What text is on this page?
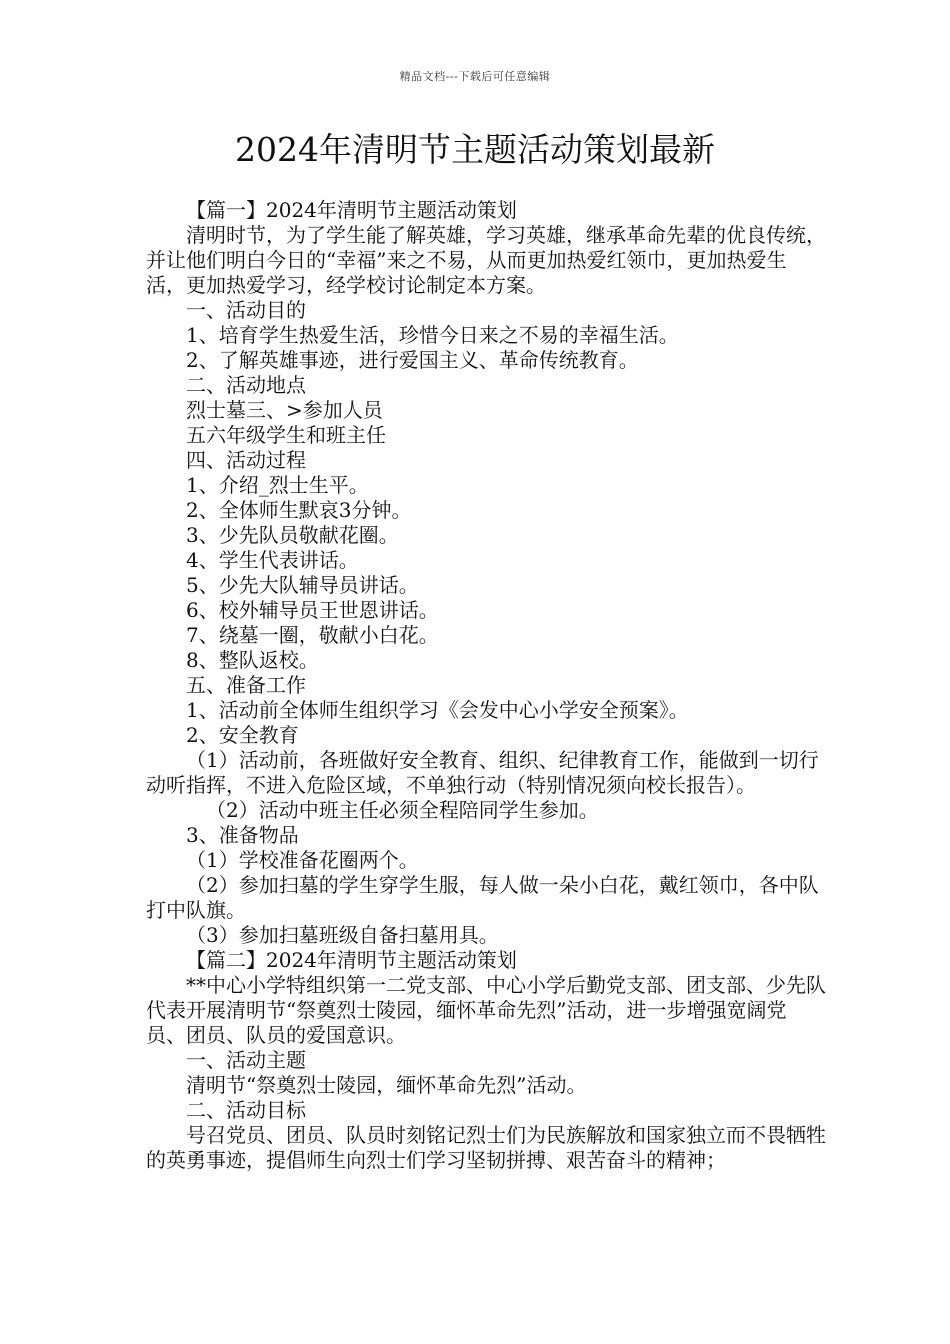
精品文档---下载后可任意编辑
2024年清明节主题活动策划最新

【篇一】2024年清明节主题活动策划

清明时节，为了学生能了解英雄，学习英雄，继承革命先辈的优良传统，并让他们明白今日的“幸福”来之不易，从而更加热爱红领巾，更加热爱生活，更加热爱学习，经学校讨论制定本方案。

一、活动目的

1、培育学生热爱生活，珍惜今日来之不易的幸福生活。

2、了解英雄事迹，进行爱国主义、革命传统教育。

二、活动地点

烈士墓三、>参加人员

五六年级学生和班主任

四、活动过程

1、介绍_烈士生平。

2、全体师生默哀3分钟。

3、少先队员敬献花圈。

4、学生代表讲话。

5、少先大队辅导员讲话。

6、校外辅导员王世恩讲话。

7、绕墓一圈，敬献小白花。

8、整队返校。

五、准备工作

1、活动前全体师生组织学习《会发中心小学安全预案》。

2、安全教育

（1）活动前，各班做好安全教育、组织、纪律教育工作，能做到一切行动听指挥，不进入危险区域，不单独行动（特别情况须向校长报告）。

（2）活动中班主任必须全程陪同学生参加。

3、准备物品

（1）学校准备花圈两个。

（2）参加扫墓的学生穿学生服，每人做一朵小白花，戴红领巾，各中队打中队旗。

（3）参加扫墓班级自备扫墓用具。

【篇二】2024年清明节主题活动策划

**中心小学特组织第一二党支部、中心小学后勤党支部、团支部、少先队代表开展清明节“祭奠烈士陵园，缅怀革命先烈”活动，进一步增强宽阔党员、团员、队员的爱国意识。

一、活动主题

清明节“祭奠烈士陵园，缅怀革命先烈”活动。

二、活动目标

号召党员、团员、队员时刻铭记烈士们为民族解放和国家独立而不畏牺牲的英勇事迹，提倡师生向烈士们学习坚韧拼搏、艰苦奋斗的精神；
